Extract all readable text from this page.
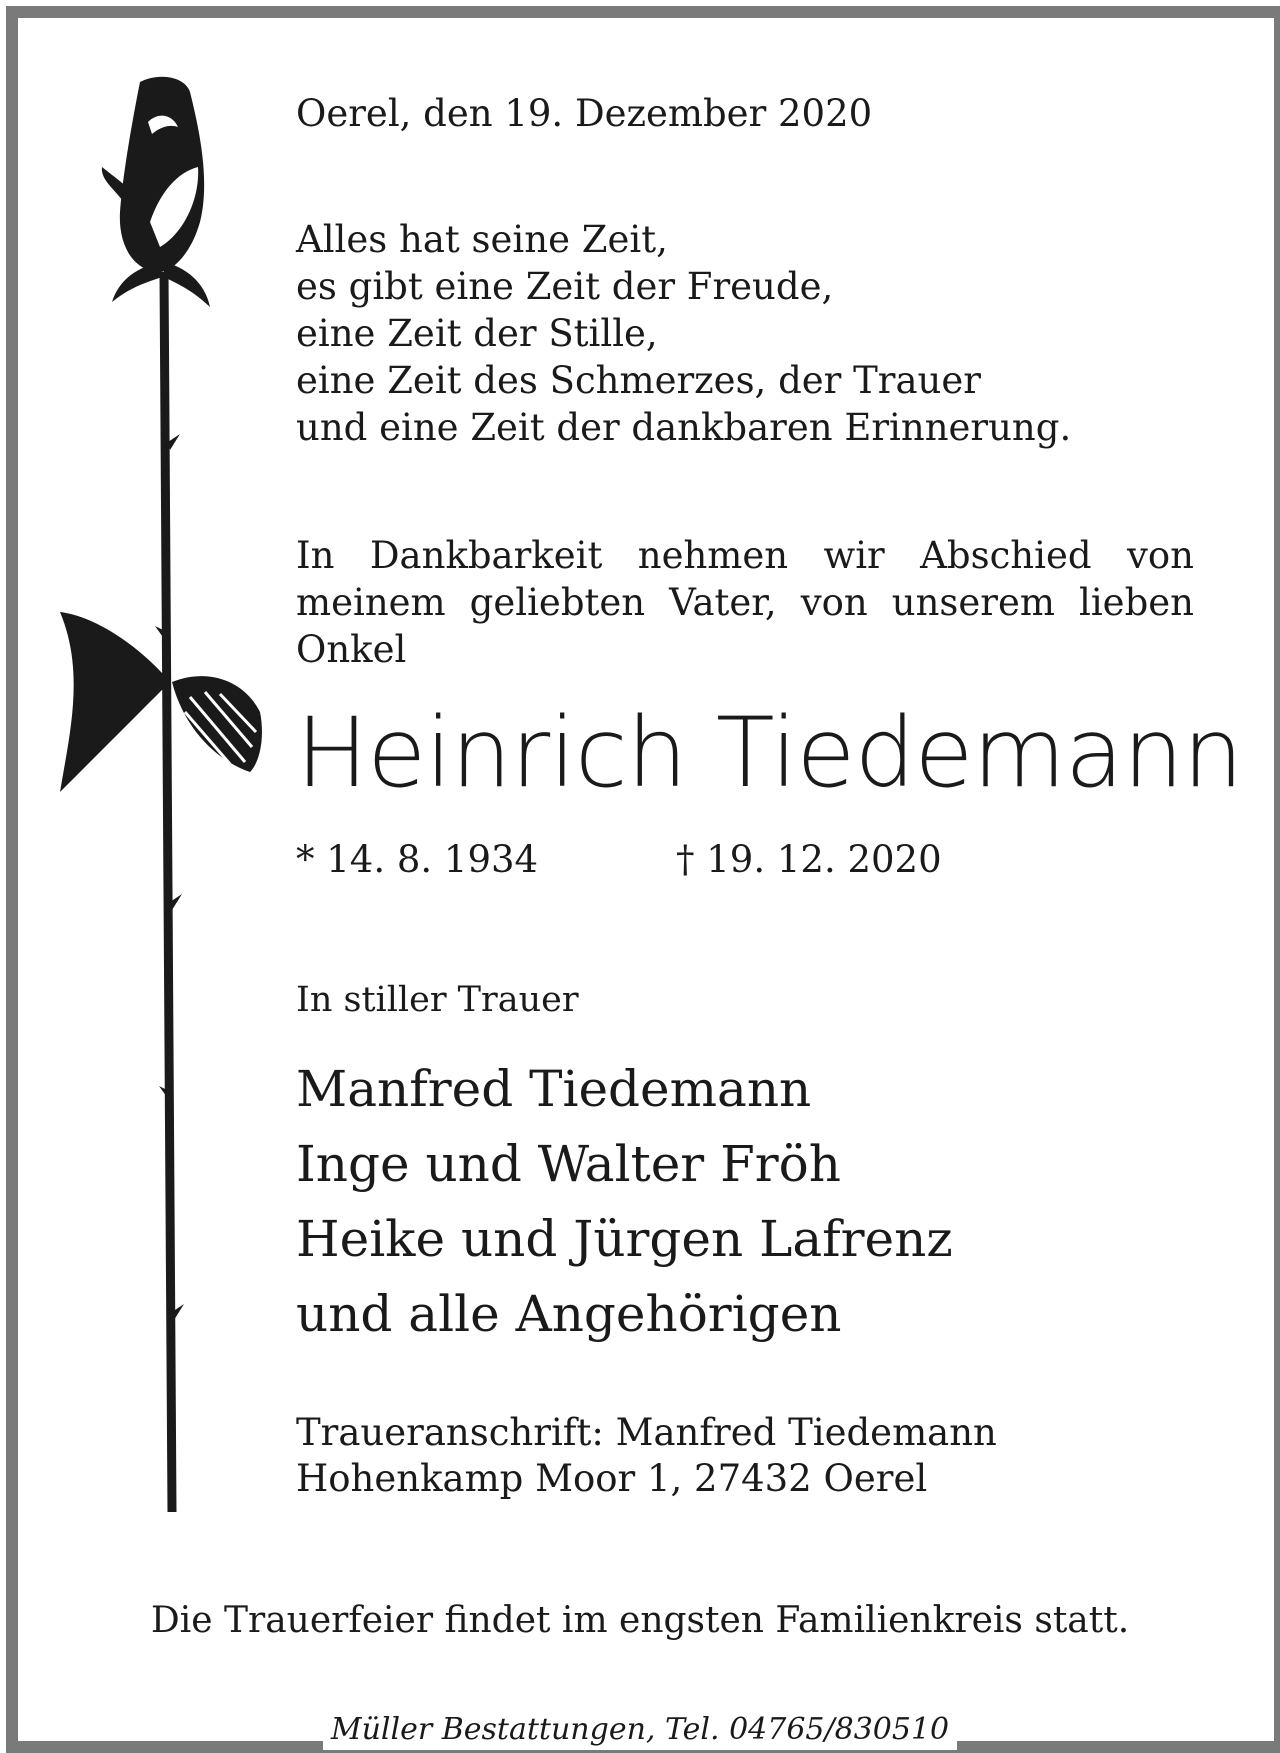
Oerel, den 19. Dezember 2020
Alles hat seine Zeit,
es gibt eine Zeit der Freude,
eine Zeit der Stille,
eine Zeit des Schmerzes, der Trauer
und eine Zeit der dankbaren Erinnerung.
In Dankbarkeit nehmen wir Abschied von
meinem geliebten Vater, von unserem lieben
Onkel
Heinrich Tiedemann
* 14. 8. 1934	† 19. 12. 2020
In stiller Trauer
Manfred Tiedemann
Inge und Walter Fröh
Heike und Jürgen Lafrenz
und alle Angehörigen
Traueranschrift: Manfred Tiedemann
Hohenkamp Moor 1, 27432 Oerel
Die Trauerfeier findet im engsten Familienkreis statt.
Müller Bestattungen, Tel. 04765/830510
